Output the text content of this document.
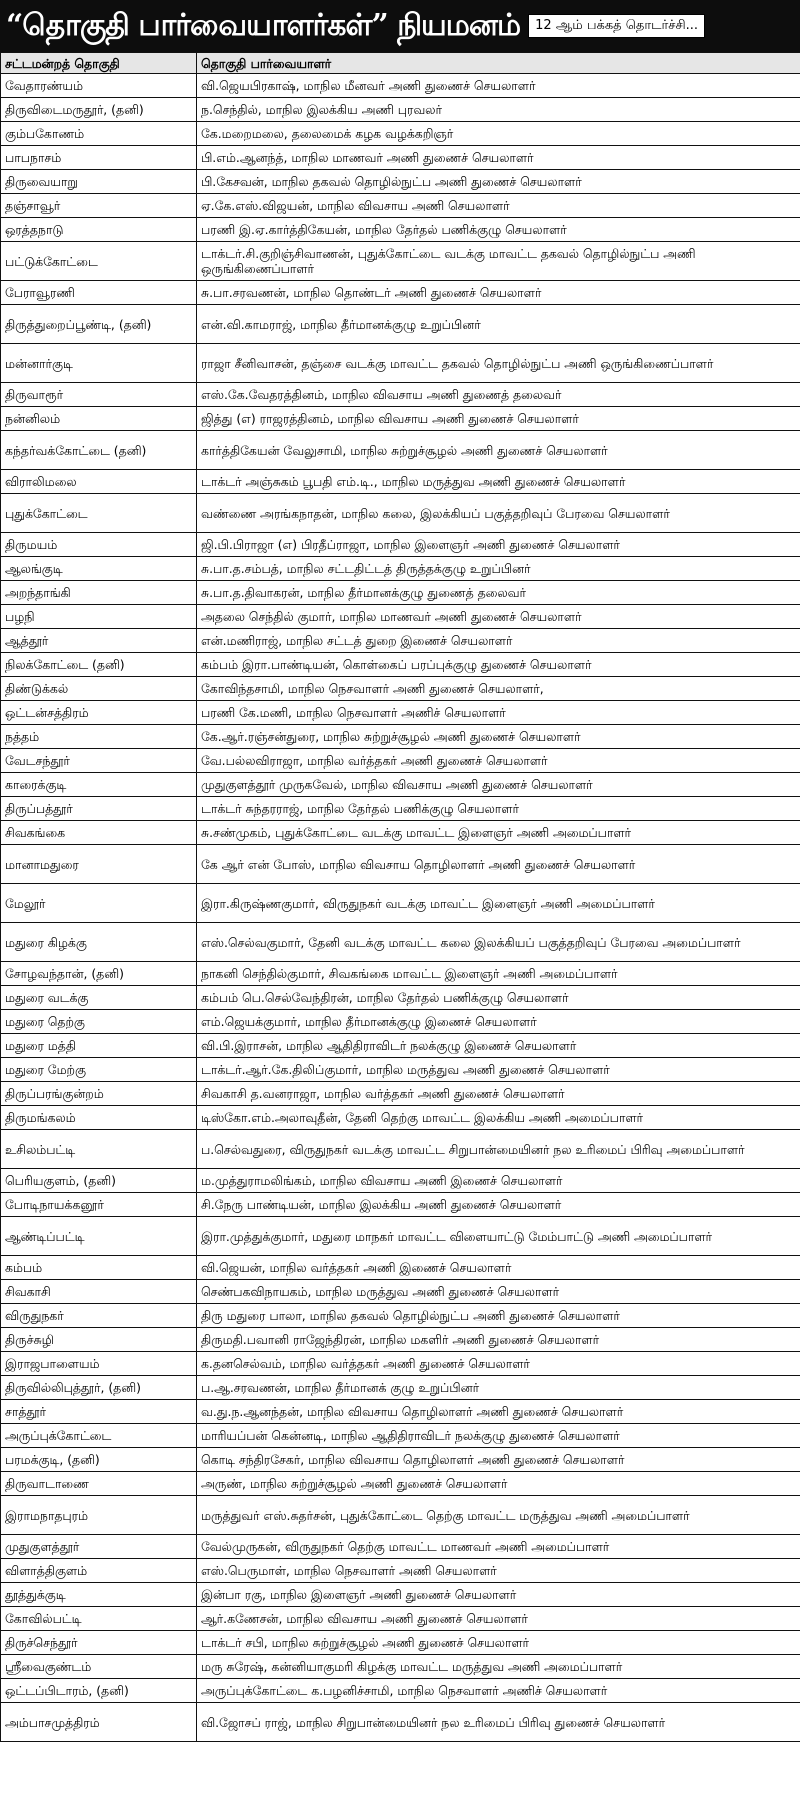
“தொகுதி பார்வையாளர்கள்” நியமனம்	12 ஆம் பக்கத் தொடர்ச்சி...
சட்டமன்றத் தொகுதி	தொகுதி பார்வையாளர்
வேதாரண்யம்	வி.ஜெயபிரகாஷ், மாநில மீனவர் அணி துணைச் செயலாளர்
திருவிடைமருதூர், (தனி)	ந.செந்தில், மாநில இலக்கிய அணி புரவலர்
கும்பகோணம்	கே.மறைமலை, தலைமைக் கழக வழக்கறிஞர்
பாபநாசம்	பி.எம்.ஆனந்த், மாநில மாணவர் அணி துணைச் செயலாளர்
திருவையாறு	பி.கேசவன், மாநில தகவல் தொழில்நுட்ப அணி துணைச் செயலாளர்
தஞ்சாவூர்	ஏ.கே.எஸ்.விஜயன், மாநில விவசாய அணி செயலாளர்
ஒரத்தநாடு	பரணி இ.ஏ.கார்த்திகேயன், மாநில தேர்தல் பணிக்குழு செயலாளர்
பட்டுக்கோட்டை	டாக்டர்.சி.குறிஞ்சிவாணன், புதுக்கோட்டை வடக்கு மாவட்ட தகவல் தொழில்நுட்ப அணி ஒருங்கிணைப்பாளர்
பேராவூரணி	சு.பா.சரவணன், மாநில தொண்டர் அணி துணைச் செயலாளர்
திருத்துறைப்பூண்டி, (தனி)	என்.வி.காமராஜ், மாநில தீர்மானக்குழு உறுப்பினர்
மன்னார்குடி	ராஜா சீனிவாசன், தஞ்சை வடக்கு மாவட்ட தகவல் தொழில்நுட்ப அணி ஒருங்கிணைப்பாளர்
திருவாரூர்	எஸ்.கே.வேதரத்தினம், மாநில விவசாய அணி துணைத் தலைவர்
நன்னிலம்	ஜித்து (எ) ராஜரத்தினம், மாநில விவசாய அணி துணைச் செயலாளர்
கந்தர்வக்கோட்டை (தனி)	கார்த்திகேயன் வேலுசாமி, மாநில சுற்றுச்சூழல் அணி துணைச் செயலாளர்
விராலிமலை	டாக்டர் அஞ்சுகம் பூபதி எம்.டி., மாநில மருத்துவ அணி துணைச் செயலாளர்
புதுக்கோட்டை	வண்ணை அரங்கநாதன், மாநில கலை, இலக்கியப் பகுத்தறிவுப் பேரவை செயலாளர்
திருமயம்	ஜி.பி.பிராஜா (எ) பிரதீப்ராஜா, மாநில இளைஞர் அணி துணைச் செயலாளர்
ஆலங்குடி	சு.பா.த.சம்பத், மாநில சட்டதிட்டத் திருத்தக்குழு உறுப்பினர்
அறந்தாங்கி	சு.பா.த.திவாகரன், மாநில தீர்மானக்குழு துணைத் தலைவர்
பழநி	அதலை செந்தில் குமார், மாநில மாணவர் அணி துணைச் செயலாளர்
ஆத்தூர்	என்.மணிராஜ், மாநில சட்டத் துறை இணைச் செயலாளர்
நிலக்கோட்டை (தனி)	கம்பம் இரா.பாண்டியன், கொள்கைப் பரப்புக்குழு துணைச் செயலாளர்
திண்டுக்கல்	கோவிந்தசாமி, மாநில நெசவாளர் அணி துணைச் செயலாளர்,
ஒட்டன்சத்திரம்	பரணி கே.மணி, மாநில நெசவாளர் அணிச் செயலாளர்
நத்தம்	கே.ஆர்.ரஞ்சன்துரை, மாநில சுற்றுச்சூழல் அணி துணைச் செயலாளர்
வேடசந்தூர்	வே.பல்லவிராஜா, மாநில வர்த்தகர் அணி துணைச் செயலாளர்
காரைக்குடி	முதுகுளத்தூர் முருகவேல், மாநில விவசாய அணி துணைச் செயலாளர்
திருப்பத்தூர்	டாக்டர் சுந்தரராஜ், மாநில தேர்தல் பணிக்குழு செயலாளர்
சிவகங்கை	சு.சண்முகம், புதுக்கோட்டை வடக்கு மாவட்ட இளைஞர் அணி அமைப்பாளர்
மானாமதுரை	கே ஆர் என் போஸ், மாநில விவசாய தொழிலாளர் அணி துணைச் செயலாளர்
மேலூர்	இரா.கிருஷ்ணகுமார், விருதுநகர் வடக்கு மாவட்ட இளைஞர் அணி அமைப்பாளர்
மதுரை கிழக்கு	எஸ்.செல்வகுமார், தேனி வடக்கு மாவட்ட கலை இலக்கியப் பகுத்தறிவுப் பேரவை அமைப்பாளர்
சோழவந்தான், (தனி)	நாகனி செந்தில்குமார், சிவகங்கை மாவட்ட இளைஞர் அணி அமைப்பாளர்
மதுரை வடக்கு	கம்பம் பெ.செல்வேந்திரன், மாநில தேர்தல் பணிக்குழு செயலாளர்
மதுரை தெற்கு	எம்.ஜெயக்குமார், மாநில தீர்மானக்குழு இணைச் செயலாளர்
மதுரை மத்தி	வி.பி.இராசன், மாநில ஆதிதிராவிடர் நலக்குழு இணைச் செயலாளர்
மதுரை மேற்கு	டாக்டர்.ஆர்.கே.திலிப்குமார், மாநில மருத்துவ அணி துணைச் செயலாளர்
திருப்பரங்குன்றம்	சிவகாசி த.வனராஜா, மாநில வர்த்தகர் அணி துணைச் செயலாளர்
திருமங்கலம்	டிஸ்கோ.எம்.அலாவுதீன், தேனி தெற்கு மாவட்ட இலக்கிய அணி அமைப்பாளர்
உசிலம்பட்டி	ப.செல்வதுரை, விருதுநகர் வடக்கு மாவட்ட சிறுபான்மையினர் நல உரிமைப் பிரிவு அமைப்பாளர்
பெரியகுளம், (தனி)	ம.முத்துராமலிங்கம், மாநில விவசாய அணி இணைச் செயலாளர்
போடிநாயக்கனூர்	சி.நேரு பாண்டியன், மாநில இலக்கிய அணி துணைச் செயலாளர்
ஆண்டிப்பட்டி	இரா.முத்துக்குமார், மதுரை மாநகர் மாவட்ட விளையாட்டு மேம்பாட்டு அணி அமைப்பாளர்
கம்பம்	வி.ஜெயன், மாநில வர்த்தகர் அணி இணைச் செயலாளர்
சிவகாசி	செண்பகவிநாயகம், மாநில மருத்துவ அணி துணைச் செயலாளர்
விருதுநகர்	திரு மதுரை பாலா, மாநில தகவல் தொழில்நுட்ப அணி துணைச் செயலாளர்
திருச்சுழி	திருமதி.பவானி ராஜேந்திரன், மாநில மகளிர் அணி துணைச் செயலாளர்
இராஜபாளையம்	க.தனசெல்வம், மாநில வர்த்தகர் அணி துணைச் செயலாளர்
திருவில்லிபுத்தூர், (தனி)	ப.ஆ.சரவணன், மாநில தீர்மானக் குழு உறுப்பினர்
சாத்தூர்	வ.து.ந.ஆனந்தன், மாநில விவசாய தொழிலாளர் அணி துணைச் செயலாளர்
அருப்புக்கோட்டை	மாரியப்பன் கென்னடி, மாநில ஆதிதிராவிடர் நலக்குழு துணைச் செயலாளர்
பரமக்குடி, (தனி)	கொடி சந்திரசேகர், மாநில விவசாய தொழிலாளர் அணி துணைச் செயலாளர்
திருவாடாணை	அருண், மாநில சுற்றுச்சூழல் அணி துணைச் செயலாளர்
இராமநாதபுரம்	மருத்துவர் எஸ்.சுதர்சன், புதுக்கோட்டை தெற்கு மாவட்ட மருத்துவ அணி அமைப்பாளர்
முதுகுளத்தூர்	வேல்முருகன், விருதுநகர் தெற்கு மாவட்ட மாணவர் அணி அமைப்பாளர்
விளாத்திகுளம்	எஸ்.பெருமாள், மாநில நெசவாளர் அணி செயலாளர்
தூத்துக்குடி	இன்பா ரகு, மாநில இளைஞர் அணி துணைச் செயலாளர்
கோவில்பட்டி	ஆர்.கணேசன், மாநில விவசாய அணி துணைச் செயலாளர்
திருச்செந்தூர்	டாக்டர் சபி, மாநில சுற்றுச்சூழல் அணி துணைச் செயலாளர்
ஸ்ரீவைகுண்டம்	மரு சுரேஷ், கன்னியாகுமரி கிழக்கு மாவட்ட மருத்துவ அணி அமைப்பாளர்
ஒட்டப்பிடாரம், (தனி)	அருப்புக்கோட்டை க.பழனிச்சாமி, மாநில நெசவாளர் அணிச் செயலாளர்
அம்பாசமுத்திரம்	வி.ஜோசப் ராஜ், மாநில சிறுபான்மையினர் நல உரிமைப் பிரிவு துணைச் செயலாளர்
